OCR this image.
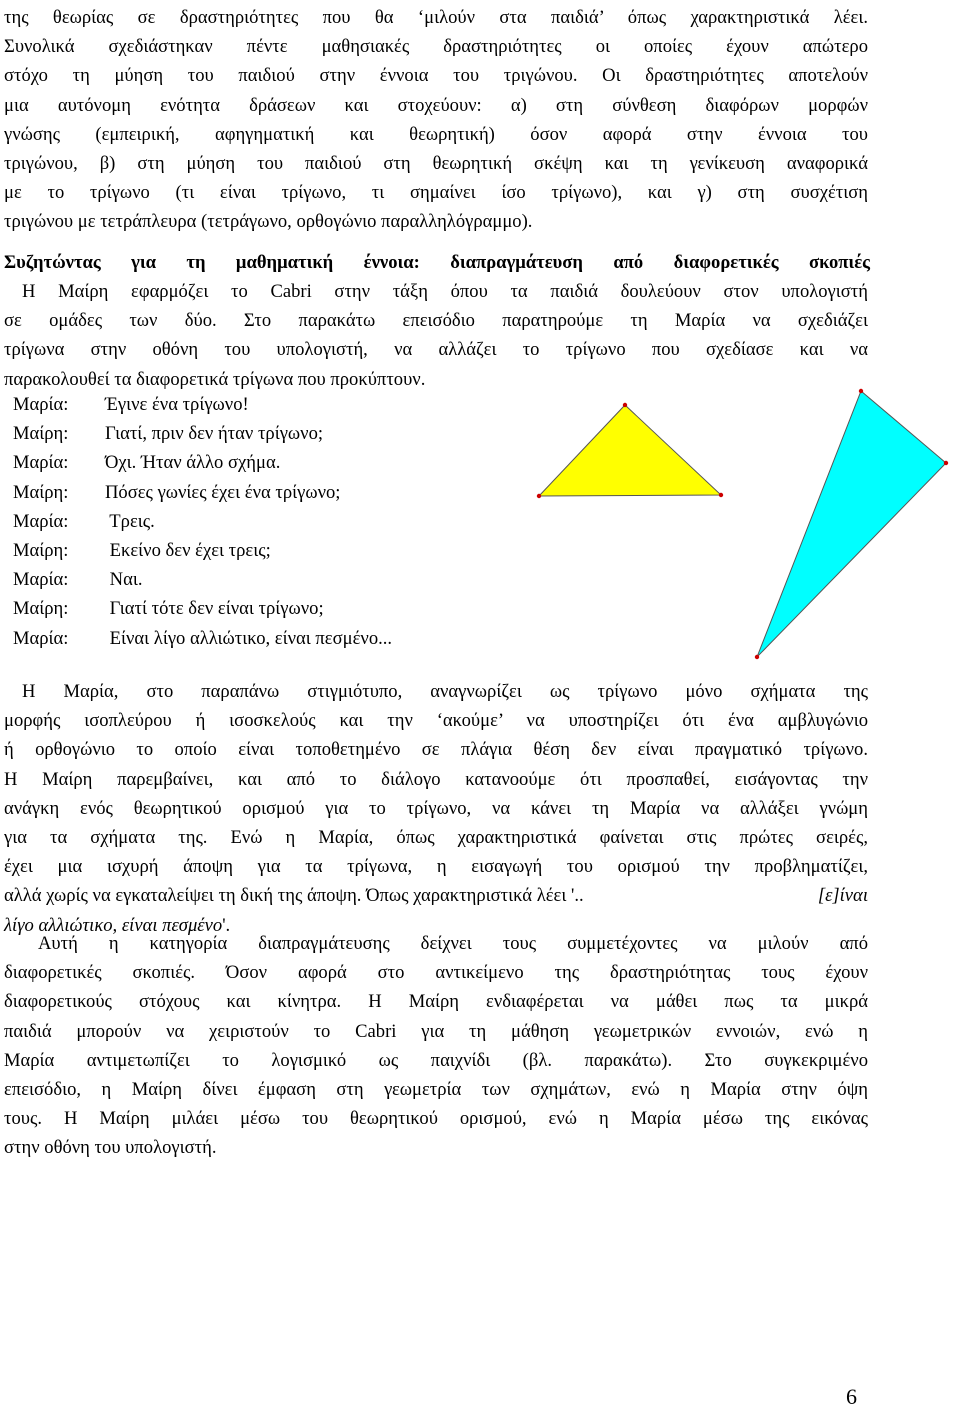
της θεωρίας σε δραστηριότητες που θα ‘μιλούν στα παιδιά’ όπως χαρακτηριστικά λέει.
Συνολικά σχεδιάστηκαν πέντε μαθησιακές δραστηριότητες οι οποίες έχουν απώτερο
στόχο τη μύηση του παιδιού στην έννοια του τριγώνου. Οι δραστηριότητες αποτελούν
μια αυτόνομη ενότητα δράσεων και στοχεύουν: α) στη σύνθεση διαφόρων μορφών
γνώσης (εμπειρική, αφηγηματική και θεωρητική) όσον αφορά στην έννοια του
τριγώνου, β) στη μύηση του παιδιού στη θεωρητική σκέψη και τη γενίκευση αναφορικά
με το τρίγωνο (τι είναι τρίγωνο, τι σημαίνει ίσο τρίγωνο), και γ) στη συσχέτιση
τριγώνου με τετράπλευρα (τετράγωνο, ορθογώνιο παραλληλόγραμμο).
Συζητώντας για τη μαθηματική έννοια: διαπραγμάτευση από διαφορετικές σκοπιές
Η Μαίρη εφαρμόζει το Cabri στην τάξη όπου τα παιδιά δουλεύουν στον υπολογιστή
σε ομάδες των δύο. Στο παρακάτω επεισόδιο παρατηρούμε τη Μαρία να σχεδιάζει
τρίγωνα στην οθόνη του υπολογιστή, να αλλάζει το τρίγωνο που σχεδίασε και να
παρακολουθεί τα διαφορετικά τρίγωνα που προκύπτουν.
Μαρία: Έγινε ένα τρίγωνο!
Μαίρη: Γιατί, πριν δεν ήταν τρίγωνο;
Μαρία: Όχι. Ήταν άλλο σχήμα.
Μαίρη: Πόσες γωνίες έχει ένα τρίγωνο;
Μαρία: Τρεις.
Μαίρη: Εκείνο δεν έχει τρεις;
Μαρία: Ναι.
Μαίρη: Γιατί τότε δεν είναι τρίγωνο;
Μαρία: Είναι λίγο αλλιώτικο, είναι πεσμένο...
Η Μαρία, στο παραπάνω στιγμιότυπο, αναγνωρίζει ως τρίγωνο μόνο σχήματα της
μορφής ισοπλεύρου ή ισοσκελούς και την ‘ακούμε’ να υποστηρίζει ότι ένα αμβλυγώνιο
ή ορθογώνιο το οποίο είναι τοποθετημένο σε πλάγια θέση δεν είναι πραγματικό τρίγωνο.
Η Μαίρη παρεμβαίνει, και από το διάλογο κατανοούμε ότι προσπαθεί, εισάγοντας την
ανάγκη ενός θεωρητικού ορισμού για το τρίγωνο, να κάνει τη Μαρία να αλλάξει γνώμη
για τα σχήματα της. Ενώ η Μαρία, όπως χαρακτηριστικά φαίνεται στις πρώτες σειρές,
έχει μια ισχυρή άποψη για τα τρίγωνα, η εισαγωγή του ορισμού την προβληματίζει,
αλλά χωρίς να εγκαταλείψει τη δική της άποψη. Όπως χαρακτηριστικά λέει '..	[ε]ίναι
λίγο αλλιώτικο, είναι πεσμένο'.
Αυτή η κατηγορία διαπραγμάτευσης δείχνει τους συμμετέχοντες να μιλούν από
διαφορετικές σκοπιές. Όσον αφορά στο αντικείμενο της δραστηριότητας τους έχουν
διαφορετικούς στόχους και κίνητρα. Η Μαίρη ενδιαφέρεται να μάθει πως τα μικρά
παιδιά μπορούν να χειριστούν το Cabri για τη μάθηση γεωμετρικών εννοιών, ενώ η
Μαρία αντιμετωπίζει το λογισμικό ως παιχνίδι (βλ. παρακάτω). Στο συγκεκριμένο
επεισόδιο, η Μαίρη δίνει έμφαση στη γεωμετρία των σχημάτων, ενώ η Μαρία στην όψη
τους. Η Μαίρη μιλάει μέσω του θεωρητικού ορισμού, ενώ η Μαρία μέσω της εικόνας
στην οθόνη του υπολογιστή.
6
